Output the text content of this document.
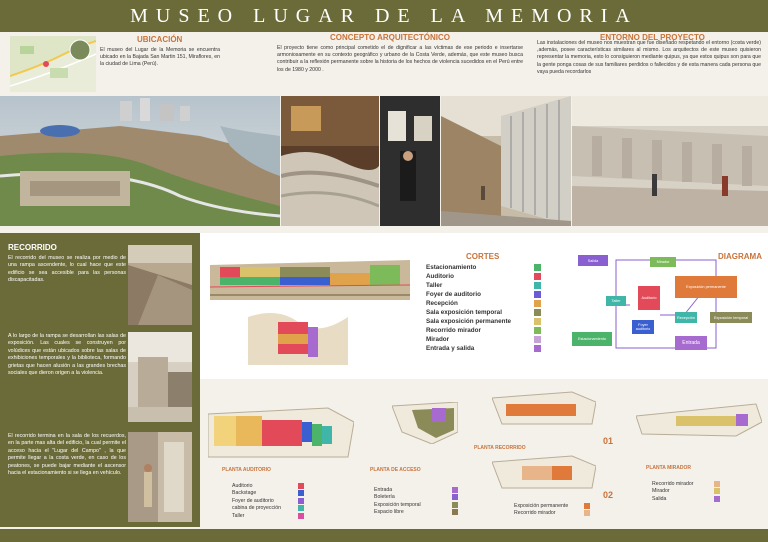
MUSEO LUGAR DE LA MEMORIA
UBICACIÓN
El museo del Lugar de la Memoria se encuentra ubicado en la Bajada San Martin 151, Miraflores, en la ciudad de Lima (Perú).
CONCEPTO ARQUITECTÓNICO
El proyecto tiene como principal cometido el de dignificar a las víctimas de ese periodo e insertarse armoniosamente en su contexto geográfico y urbano de la Costa Verde, además, que este museo busca contribuir a la reflexión permanente sobre la historia de los hechos de violencia sucedidos en el Perú entre los de 1980 y 2000 .
ENTORNO DEL PROYECTO
Las instalaciones del museo nos muestran que fue diseñado respetando el entorno (costa verde) ,además, posee características similares al mismo. Los arquitectos de este museo quisieron representar la memoria, esto lo consiguieron mediante quipus, ya que estos quipus son para que la gente ponga cosas de sus familiares perdidos o fallecidos y de esta manera cada persona que vaya pueda recordarlos
RECORRIDO
El recorrido del museo se realiza por medio de una rampa ascendente, lo cual hace que este edificio se sea accesible para las personas discapacitadas.
A lo largo de la rampa se desarrollan las salas de exposición. Las cuales se construyen por volúdices que están ubicados sobre las salas de exhibiciones temporales y la biblioteca, formando grietas que hacen alusión a las grandes brechas sociales que dieron origen a la violencia.
El recorrido termina en la sala de los recuerdos, en la parte mas alta del edificio, la cual permite el acceso hacia el "Lugar del Campo" , la que permite llegar a la costa verde, en caso de los peatones, se puede bajar mediante el ascensor hacia el estacionamiento si se llega en vehículo.
CORTES
Estacionamiento
Auditorio
Taller
Foyer de auditorio
Recepción
Sala exposición temporal
Sala exposición permanente
Recorrido mirador
Mirador
Entrada y salida
DIAGRAMA
Salida	Mirador
Taller
Auditorio
Foyer auditorio
Exposición permanente
Recepción	Exposición temporal
Estacionamiento
Entrada
PLANTA AUDITORIO
Auditorio
Backstage
Foyer de auditorio
cabina de proyección
Taller
PLANTA DE ACCESO
Entrada
Boletería
Exposición temporal
Espacio libre
PLANTA RECORRIDO
01
02
Exposición permanente
Recorrido mirador
PLANTA MIRADOR
Recorrido mirador
Mirador
Salida
